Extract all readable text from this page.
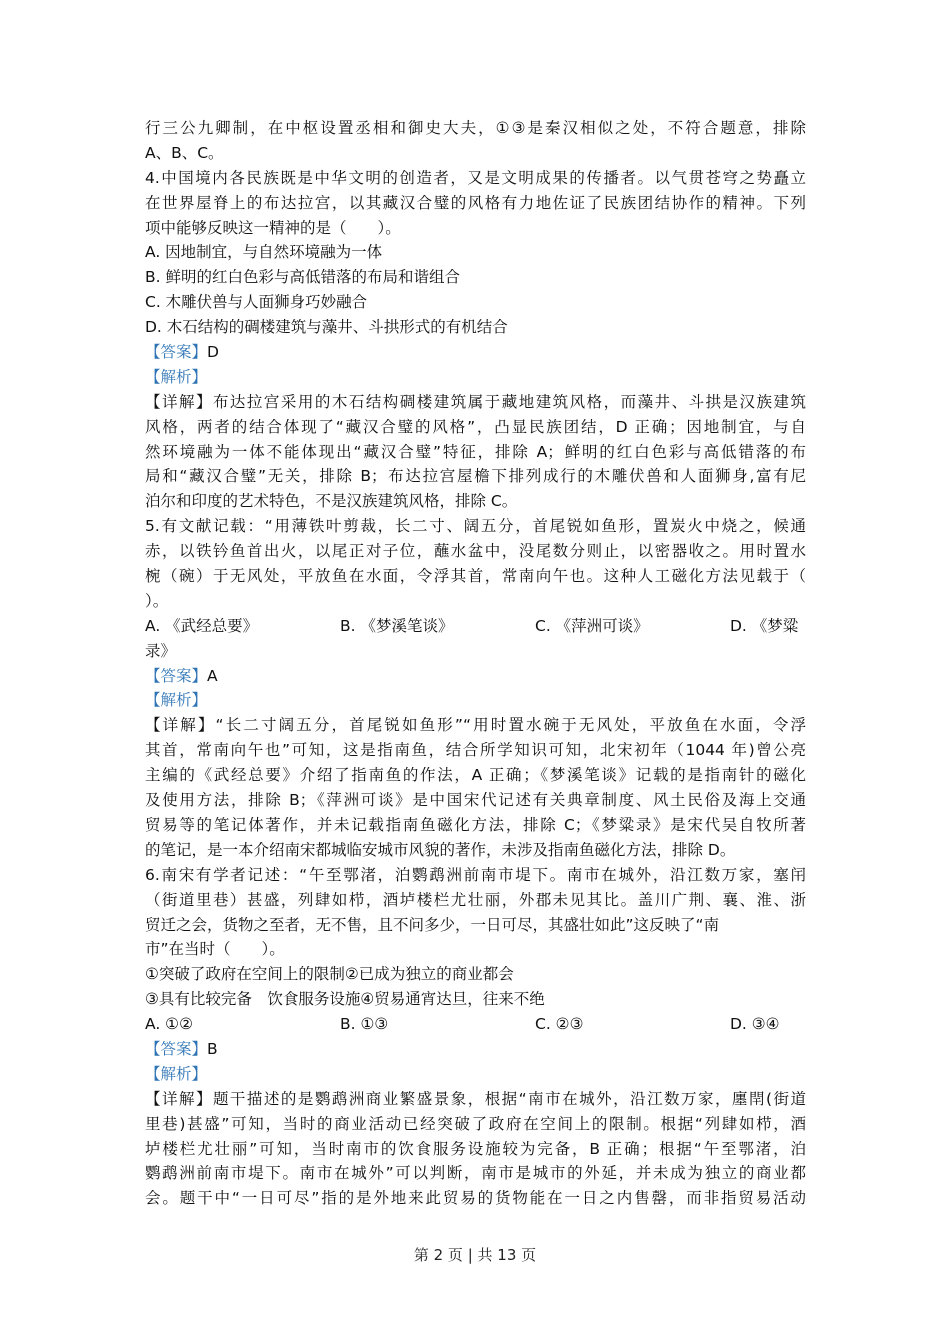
行三公九卿制，在中枢设置丞相和御史大夫，①③是秦汉相似之处，不符合题意，排除
A、B、C。
4.中国境内各民族既是中华文明的创造者，又是文明成果的传播者。以气贯苍穹之势矗立
在世界屋脊上的布达拉宫，以其藏汉合璧的风格有力地佐证了民族团结协作的精神。下列
项中能够反映这一精神的是（　　）。
A. 因地制宜，与自然环境融为一体
B. 鲜明的红白色彩与高低错落的布局和谐组合
C. 木雕伏兽与人面狮身巧妙融合
D. 木石结构的碉楼建筑与藻井、斗拱形式的有机结合
【答案】D
【解析】
【详解】布达拉宫采用的木石结构碉楼建筑属于藏地建筑风格，而藻井、斗拱是汉族建筑
风格，两者的结合体现了“藏汉合璧的风格”，凸显民族团结，D 正确；因地制宜，与自
然环境融为一体不能体现出“藏汉合璧”特征，排除 A；鲜明的红白色彩与高低错落的布
局和“藏汉合璧”无关，排除 B；布达拉宫屋檐下排列成行的木雕伏兽和人面狮身,富有尼
泊尔和印度的艺术特色，不是汉族建筑风格，排除 C。
5.有文献记载：“用薄铁叶剪裁，长二寸、阔五分，首尾锐如鱼形，置炭火中烧之，候通
赤，以铁钤鱼首出火，以尾正对子位，蘸水盆中，没尾数分则止，以密器收之。用时置水
椀（碗）于无风处，平放鱼在水面，令浮其首，常南向午也。这种人工磁化方法见载于（
）。
A. 《武经总要》	B. 《梦溪笔谈》	C. 《萍洲可谈》	D. 《梦粱
录》
【答案】A
【解析】
【详解】“长二寸阔五分，首尾锐如鱼形”“用时置水碗于无风处，平放鱼在水面，令浮
其首，常南向午也”可知，这是指南鱼，结合所学知识可知，北宋初年（1044 年)曾公亮
主编的《武经总要》介绍了指南鱼的作法，A 正确；《梦溪笔谈》记载的是指南针的磁化
及使用方法，排除 B；《萍洲可谈》是中国宋代记述有关典章制度、风土民俗及海上交通
贸易等的笔记体著作，并未记载指南鱼磁化方法，排除 C；《梦粱录》是宋代吴自牧所著
的笔记，是一本介绍南宋都城临安城市风貌的著作，未涉及指南鱼磁化方法，排除 D。
6.南宋有学者记述：“午至鄂渚，泊鹦鹉洲前南市堤下。南市在城外，沿江数万家，塞闬
（街道里巷）甚盛，列肆如栉，酒垆楼栏尤壮丽，外郡未见其比。盖川广荆、襄、淮、浙
贸迁之会，货物之至者，无不售，且不问多少，一日可尽，其盛壮如此”这反映了“南
市”在当时（　　）。
①突破了政府在空间上的限制②已成为独立的商业都会
③具有比较完备　饮食服务设施④贸易通宵达旦，往来不绝
A. ①②	B. ①③	C. ②③	D. ③④
【答案】B
【解析】
【详解】题干描述的是鹦鹉洲商业繁盛景象，根据“南市在城外，沿江数万家，廛閈(街道
里巷)甚盛”可知，当时的商业活动已经突破了政府在空间上的限制。根据“列肆如栉，酒
垆楼栏尤壮丽”可知，当时南市的饮食服务设施较为完备，B 正确；根据“午至鄂渚，泊
鹦鹉洲前南市堤下。南市在城外”可以判断，南市是城市的外延，并未成为独立的商业都
会。题干中“一日可尽”指的是外地来此贸易的货物能在一日之内售罄，而非指贸易活动
第 2 页 | 共 13 页
